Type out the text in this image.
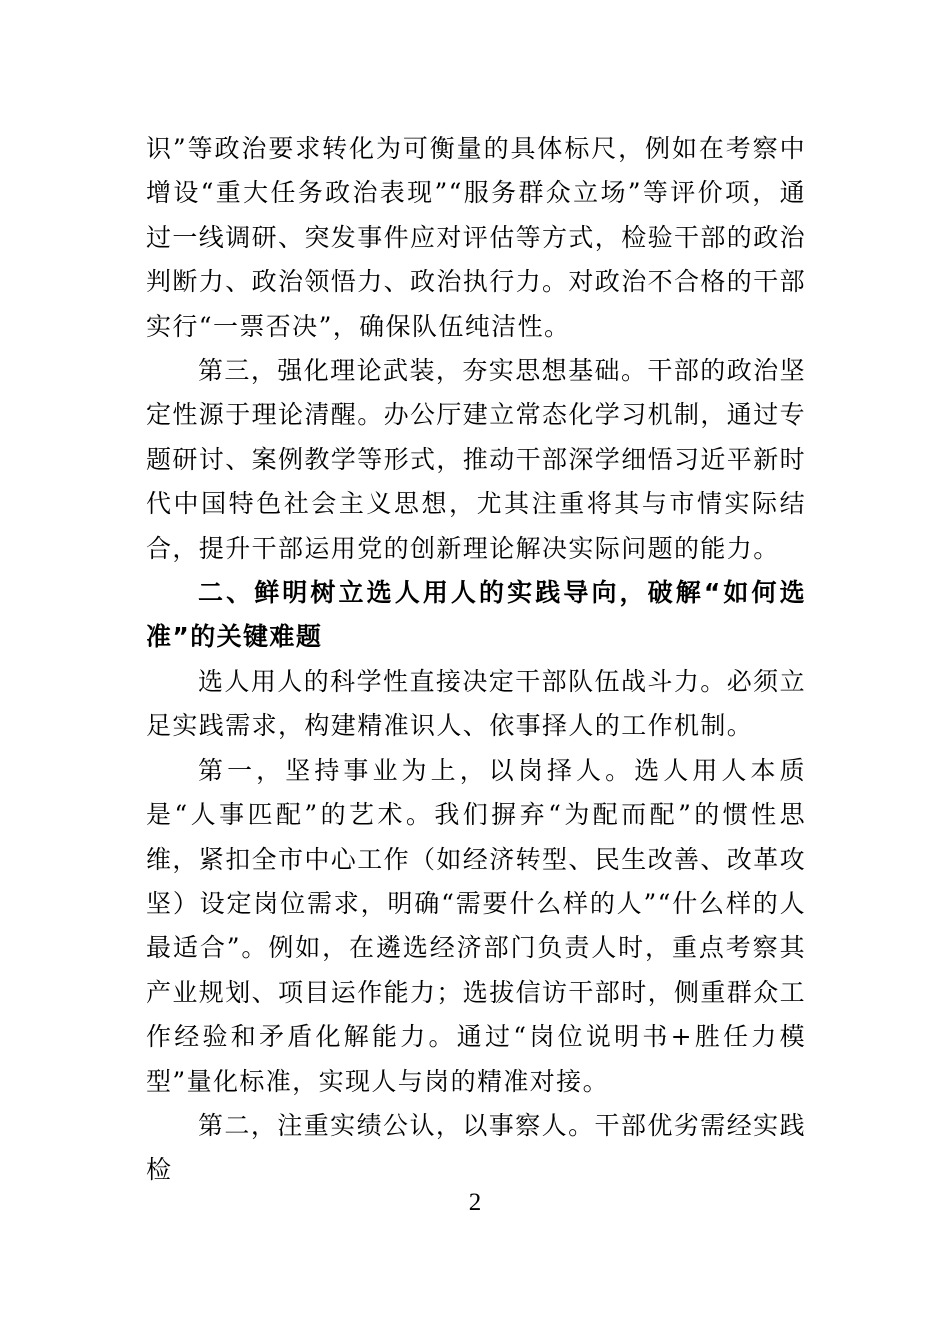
识”等政治要求转化为可衡量的具体标尺，例如在考察中增设“重大任务政治表现”“服务群众立场”等评价项，通过一线调研、突发事件应对评估等方式，检验干部的政治判断力、政治领悟力、政治执行力。对政治不合格的干部实行“一票否决”，确保队伍纯洁性。

第三，强化理论武装，夯实思想基础。干部的政治坚定性源于理论清醒。办公厅建立常态化学习机制，通过专题研讨、案例教学等形式，推动干部深学细悟习近平新时代中国特色社会主义思想，尤其注重将其与市情实际结合，提升干部运用党的创新理论解决实际问题的能力。

二、鲜明树立选人用人的实践导向，破解“如何选准”的关键难题

选人用人的科学性直接决定干部队伍战斗力。必须立足实践需求，构建精准识人、依事择人的工作机制。

第一，坚持事业为上，以岗择人。选人用人本质是“人事匹配”的艺术。我们摒弃“为配而配”的惯性思维，紧扣全市中心工作（如经济转型、民生改善、改革攻坚）设定岗位需求，明确“需要什么样的人”“什么样的人最适合”。例如，在遴选经济部门负责人时，重点考察其产业规划、项目运作能力；选拔信访干部时，侧重群众工作经验和矛盾化解能力。通过“岗位说明书+胜任力模型”量化标准，实现人与岗的精准对接。

第二，注重实绩公认，以事察人。干部优劣需经实践检

2
